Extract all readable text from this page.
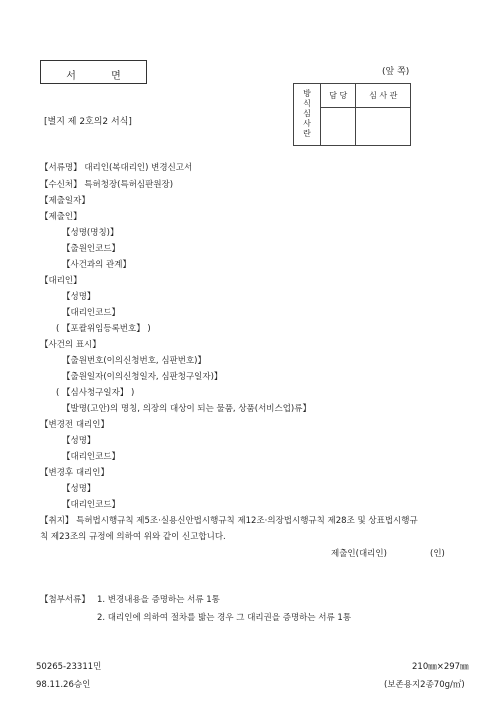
서 면	(앞 쪽)
방식심사란	담 당	심 사 관

[별지 제 2호의2 서식]
【서류명】 대리인(복대리인) 변경신고서
【수신처】 특허청장(특허심판원장)
【제출일자】
【제출인】
【성명(명칭)】
【출원인코드】
【사건과의 관계】
【대리인】
【성명】
【대리인코드】
( 【포괄위임등록번호】 )
【사건의 표시】
【출원번호(이의신청번호, 심판번호)】
【출원일자(이의신청일자, 심판청구일자)】
( 【심사청구일자】 )
【발명(고안)의 명칭, 의장의 대상이 되는 물품, 상품(서비스업)류】
【변경전 대리인】
【성명】
【대리인코드】
【변경후 대리인】
【성명】
【대리인코드】
【취지】 특허법시행규칙 제5조·실용신안법시행규칙 제12조·의장법시행규칙 제28조 및 상표법시행규
칙 제23조의 규정에 의하여 위와 같이 신고합니다.
제출인(대리인)	(인)
【첨부서류】 1. 변경내용을 증명하는 서류 1통
2. 대리인에 의하여 절차를 밟는 경우 그 대리권을 증명하는 서류 1통
50265-23311민
98.11.26승인
210㎜×297㎜
(보존용지2종70g/㎡)
